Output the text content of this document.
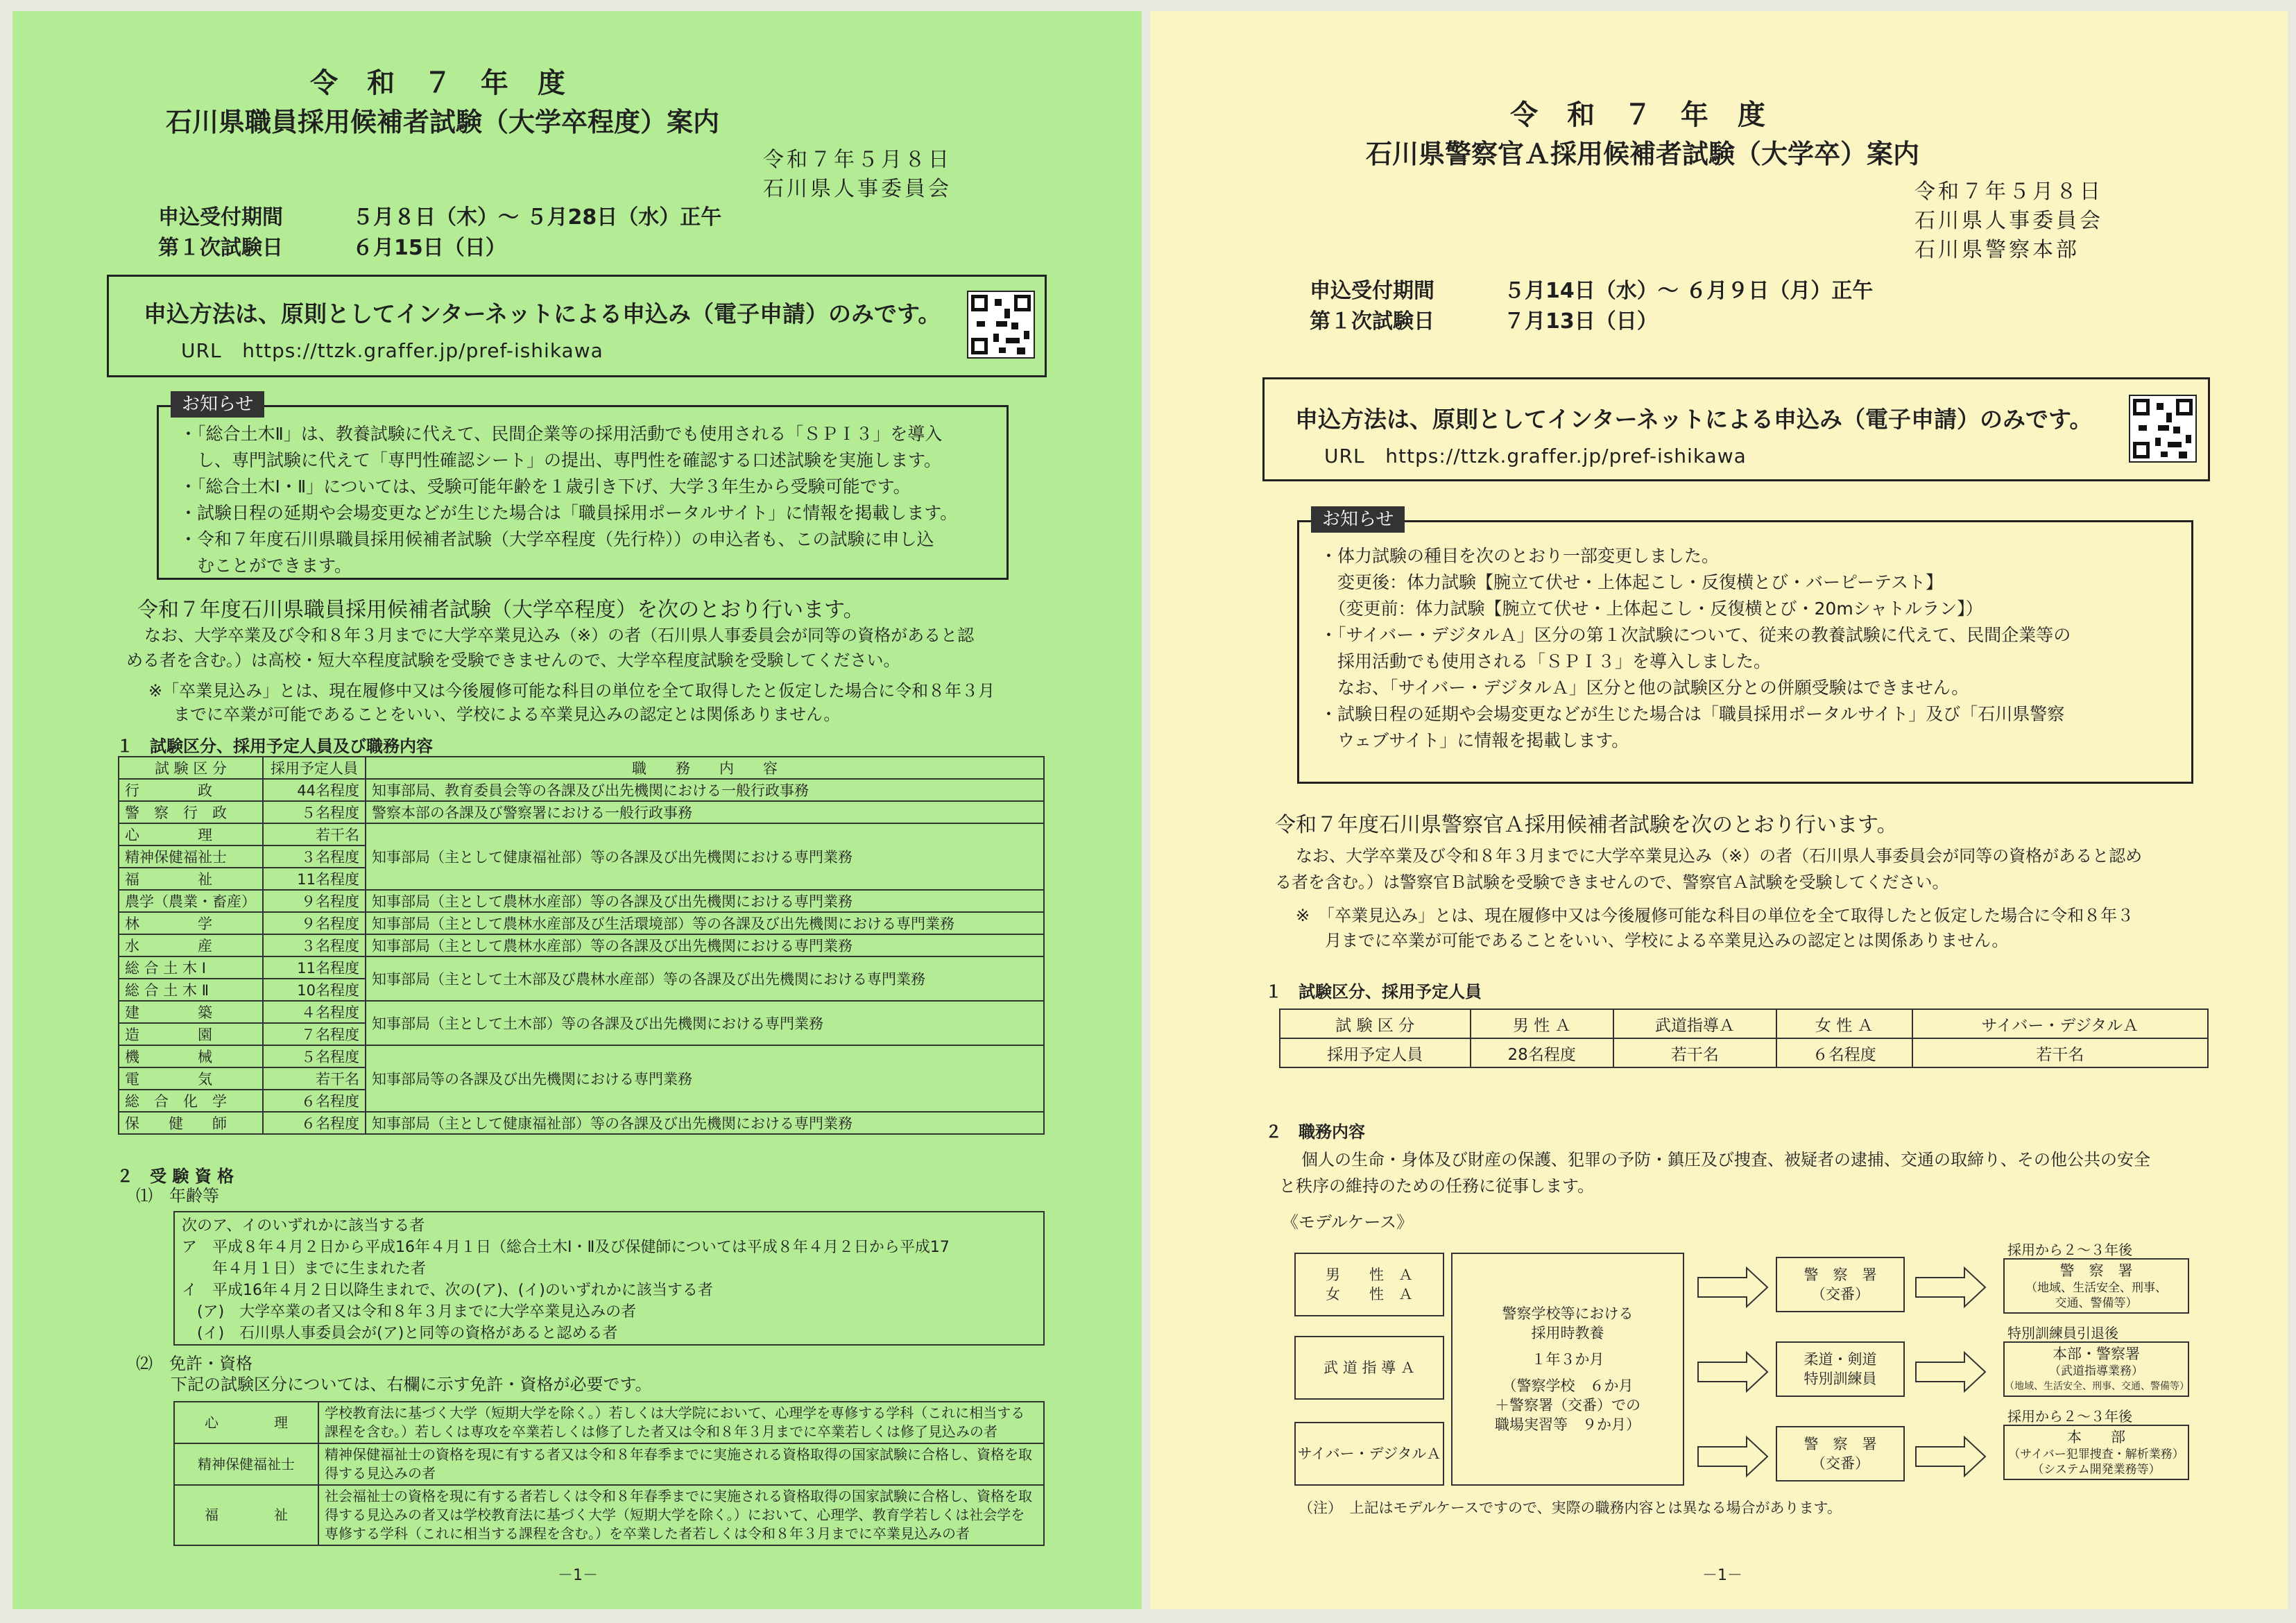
令 和 ７ 年 度
石川県職員採用候補者試験（大学卒程度）案内
令和７年５月８日
石川県人事委員会
申込受付期間	５月８日（木）～ ５月28日（水）正午
第１次試験日	６月15日（日）
申込方法は、原則としてインターネットによる申込み（電子申請）のみです。
URL https://ttzk.graffer.jp/pref-ishikawa
・「総合土木Ⅱ」は、教養試験に代えて、民間企業等の採用活動でも使用される「ＳＰＩ３」を導入
　し、専門試験に代えて「専門性確認シート」の提出、専門性を確認する口述試験を実施します。
・「総合土木Ⅰ・Ⅱ」については、受験可能年齢を１歳引き下げ、大学３年生から受験可能です。
・試験日程の延期や会場変更などが生じた場合は「職員採用ポータルサイト」に情報を掲載します。
・令和７年度石川県職員採用候補者試験（大学卒程度（先行枠））の申込者も、この試験に申し込
　むことができます。
お知らせ
令和７年度石川県職員採用候補者試験（大学卒程度）を次のとおり行います。
なお、大学卒業及び令和８年３月までに大学卒業見込み（※）の者（石川県人事委員会が同等の資格があると認
める者を含む。）は高校・短大卒程度試験を受験できませんので、大学卒程度試験を受験してください。
※「卒業見込み」とは、現在履修中又は今後履修可能な科目の単位を全て取得したと仮定した場合に令和８年３月
までに卒業が可能であることをいい、学校による卒業見込みの認定とは関係ありません。
１　試験区分、採用予定人員及び職務内容
試 験 区 分	採用予定人員	職　　務　　内　　容
行　　　　政	44名程度	知事部局、教育委員会等の各課及び出先機関における一般行政事務
警　察　行　政	５名程度	警察本部の各課及び警察署における一般行政事務
心　　　　理	若干名	知事部局（主として健康福祉部）等の各課及び出先機関における専門業務
精神保健福祉士	３名程度	
福　　　　祉	11名程度	
農学（農業・畜産）	９名程度	知事部局（主として農林水産部）等の各課及び出先機関における専門業務
林　　　　学	９名程度	知事部局（主として農林水産部及び生活環境部）等の各課及び出先機関における専門業務
水　　　　産	３名程度	知事部局（主として農林水産部）等の各課及び出先機関における専門業務
総 合 土 木 Ⅰ	11名程度	知事部局（主として土木部及び農林水産部）等の各課及び出先機関における専門業務
総 合 土 木 Ⅱ	10名程度	
建　　　　築	４名程度	知事部局（主として土木部）等の各課及び出先機関における専門業務
造　　　　園	７名程度	
機　　　　械	５名程度	知事部局等の各課及び出先機関における専門業務
電　　　　気	若干名	
総　合　化　学	６名程度	
保　　健　　師	６名程度	知事部局（主として健康福祉部）等の各課及び出先機関における専門業務
２　受 験 資 格
⑴　年齢等
次のア、イのいずれかに該当する者
ア　平成８年４月２日から平成16年４月１日（総合土木Ⅰ・Ⅱ及び保健師については平成８年４月２日から平成17
　　年４月１日）までに生まれた者
イ　平成16年４月２日以降生まれで、次の(ア)、(イ)のいずれかに該当する者
　(ア)　大学卒業の者又は令和８年３月までに大学卒業見込みの者
　(イ)　石川県人事委員会が(ア)と同等の資格があると認める者
⑵　免許・資格
下記の試験区分については、右欄に示す免許・資格が必要です。
心　　　　理	学校教育法に基づく大学（短期大学を除く。）若しくは大学院において、心理学を専修する学科（これに相当する課程を含む。）若しくは専攻を卒業若しくは修了した者又は令和８年３月までに卒業若しくは修了見込みの者
精神保健福祉士	精神保健福祉士の資格を現に有する者又は令和８年春季までに実施される資格取得の国家試験に合格し、資格を取得する見込みの者
福　　　　祉	社会福祉士の資格を現に有する者若しくは令和８年春季までに実施される資格取得の国家試験に合格し、資格を取得する見込みの者又は学校教育法に基づく大学（短期大学を除く。）において、心理学、教育学若しくは社会学を専修する学科（これに相当する課程を含む。）を卒業した者若しくは令和８年３月までに卒業見込みの者
－1－
令 和 ７ 年 度
石川県警察官Ａ採用候補者試験（大学卒）案内
令和７年５月８日
石川県人事委員会
石川県警察本部
申込受付期間	５月14日（水）～ ６月９日（月）正午
第１次試験日	７月13日（日）
申込方法は、原則としてインターネットによる申込み（電子申請）のみです。
URL https://ttzk.graffer.jp/pref-ishikawa
・体力試験の種目を次のとおり一部変更しました。
　変更後：体力試験【腕立て伏せ・上体起こし・反復横とび・バーピーテスト】
　（変更前：体力試験【腕立て伏せ・上体起こし・反復横とび・20mシャトルラン】）
・「サイバー・デジタルＡ」区分の第１次試験について、従来の教養試験に代えて、民間企業等の
　採用活動でも使用される「ＳＰＩ３」を導入しました。
　なお、「サイバー・デジタルＡ」区分と他の試験区分との併願受験はできません。
・試験日程の延期や会場変更などが生じた場合は「職員採用ポータルサイト」及び「石川県警察
　ウェブサイト」に情報を掲載します。
お知らせ
令和７年度石川県警察官Ａ採用候補者試験を次のとおり行います。
なお、大学卒業及び令和８年３月までに大学卒業見込み（※）の者（石川県人事委員会が同等の資格があると認め
る者を含む。）は警察官Ｂ試験を受験できませんので、警察官Ａ試験を受験してください。
※　「卒業見込み」とは、現在履修中又は今後履修可能な科目の単位を全て取得したと仮定した場合に令和８年３
月までに卒業が可能であることをいい、学校による卒業見込みの認定とは関係ありません。
１　試験区分、採用予定人員
試 験 区 分	男 性 Ａ	武道指導Ａ	女 性 Ａ	サイバー・デジタルＡ
採用予定人員	28名程度	若干名	６名程度	若干名
２　職務内容
個人の生命・身体及び財産の保護、犯罪の予防・鎮圧及び捜査、被疑者の逮捕、交通の取締り、その他公共の安全
と秩序の維持のための任務に従事します。
《モデルケース》
男　　性　Ａ
女　　性　Ａ
武 道 指 導 Ａ
サイバー・デジタルＡ
警察学校等における
採用時教養
１年３か月
（警察学校　６か月
＋警察署（交番）での
職場実習等　９か月）
警　察　署
（交番）
柔道・剣道
特別訓練員
警　察　署
（交番）
採用から２～３年後
警　察　署
（地域、生活安全、刑事、
交通、警備等）
特別訓練員引退後
本部・警察署
（武道指導業務）
（地域、生活安全、刑事、交通、警備等）
採用から２～３年後
本　　部
（サイバー犯罪捜査・解析業務）
（システム開発業務等）
（注）　上記はモデルケースですので、実際の職務内容とは異なる場合があります。
－1－
